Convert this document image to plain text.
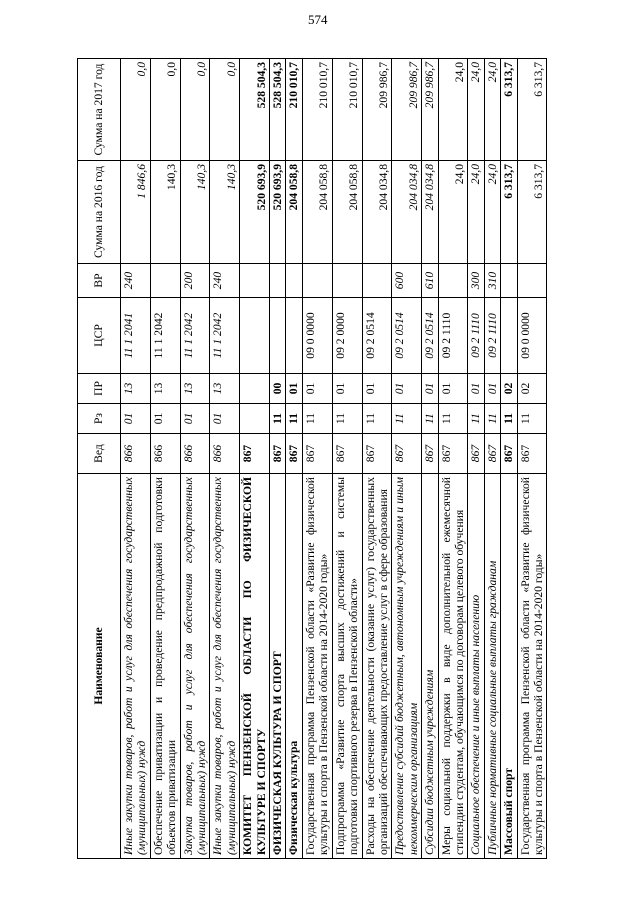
574
Наименование	Вед	Рз	ПР	ЦСР	ВР	Сумма на 2016 год	Сумма на 2017 год
Иные закупки товаров, работ и услуг для обеспечения государственных (муниципальных) нужд	866	01	13	11 1 2041	240	1 846,6	0,0
Обеспечение приватизации и проведение предпродажной подготовки объектов приватизации	866	01	13	11 1 2042		140,3	0,0
Закупка товаров, работ и услуг для обеспечения государственных (муниципальных) нужд	866	01	13	11 1 2042	200	140,3	0,0
Иные закупки товаров, работ и услуг для обеспечения государственных (муниципальных) нужд	866	01	13	11 1 2042	240	140,3	0,0
КОМИТЕТ ПЕНЗЕНСКОЙ ОБЛАСТИ ПО ФИЗИЧЕСКОЙ КУЛЬТУРЕ И СПОРТУ	867					520 693,9	528 504,3
ФИЗИЧЕСКАЯ КУЛЬТУРА И СПОРТ	867	11	00			520 693,9	528 504,3
Физическая культура	867	11	01			204 058,8	210 010,7
Государственная программа Пензенской области «Развитие физической культуры и спорта в Пензенской области на 2014-2020 годы»	867	11	01	09 0 0000		204 058,8	210 010,7
Подпрограмма «Развитие спорта высших достижений и системы подготовки спортивного резерва в Пензенской области»	867	11	01	09 2 0000		204 058,8	210 010,7
Расходы на обеспечение деятельности (оказание услуг) государственных организаций обеспечивающих предоставление услуг в сфере образования	867	11	01	09 2 0514		204 034,8	209 986,7
Предоставление субсидий бюджетным, автономным учреждениям и иным некоммерческим организациям	867	11	01	09 2 0514	600	204 034,8	209 986,7
Субсидии бюджетным учреждениям	867	11	01	09 2 0514	610	204 034,8	209 986,7
Меры социальной поддержки в виде дополнительной ежемесячной стипендии студентам, обучающимся по договорам целевого обучения	867	11	01	09 2 1110		24,0	24,0
Социальное обеспечение и иные выплаты населению	867	11	01	09 2 1110	300	24,0	24,0
Публичные нормативные социальные выплаты гражданам	867	11	01	09 2 1110	310	24,0	24,0
Массовый спорт	867	11	02			6 313,7	6 313,7
Государственная программа Пензенской области «Развитие физической культуры и спорта в Пензенской области на 2014-2020 годы»	867	11	02	09 0 0000		6 313,7	6 313,7
